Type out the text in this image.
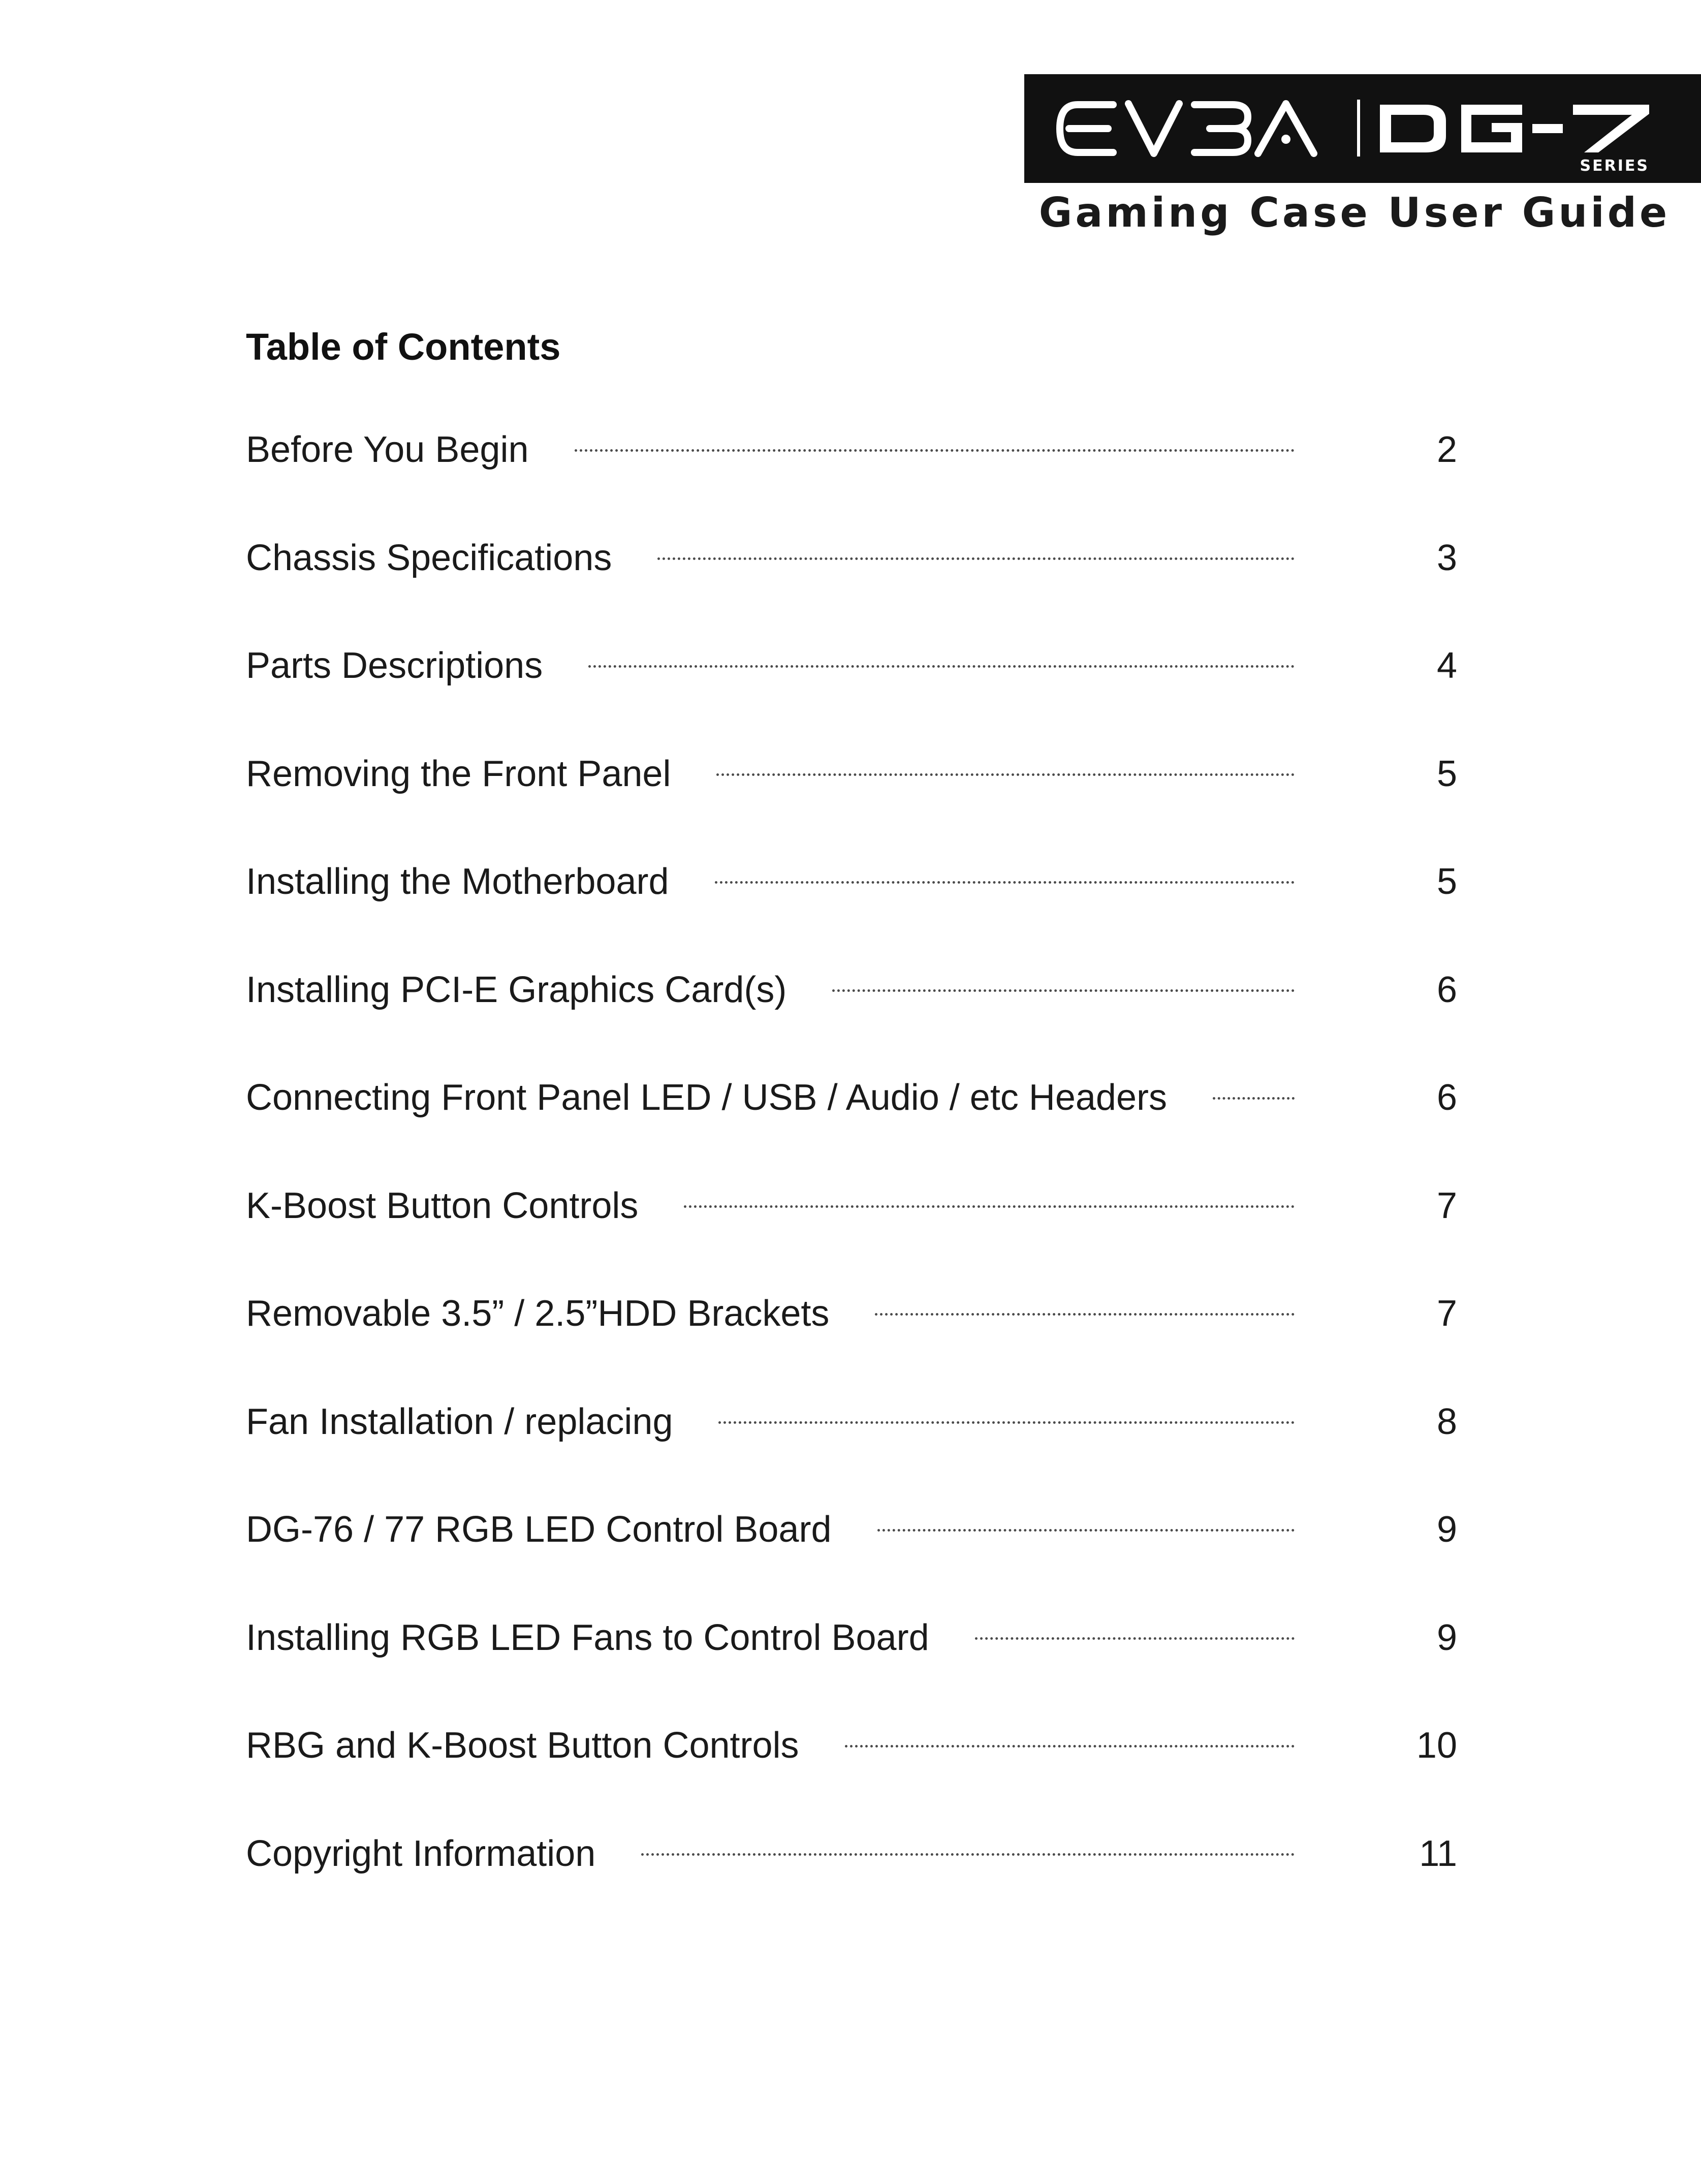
SERIES
Gaming Case User Guide
Table of Contents
Before You Begin	2
Chassis Specifications	3
Parts Descriptions	4
Removing the Front Panel	5
Installing the Motherboard	5
Installing PCI-E Graphics Card(s)	6
Connecting Front Panel LED / USB / Audio / etc Headers	6
K-Boost Button Controls	7
Removable 3.5” / 2.5”HDD Brackets	7
Fan Installation / replacing	8
DG-76 / 77 RGB LED Control Board	9
Installing RGB LED Fans to Control Board	9
RBG and K-Boost Button Controls	10
Copyright Information	11
